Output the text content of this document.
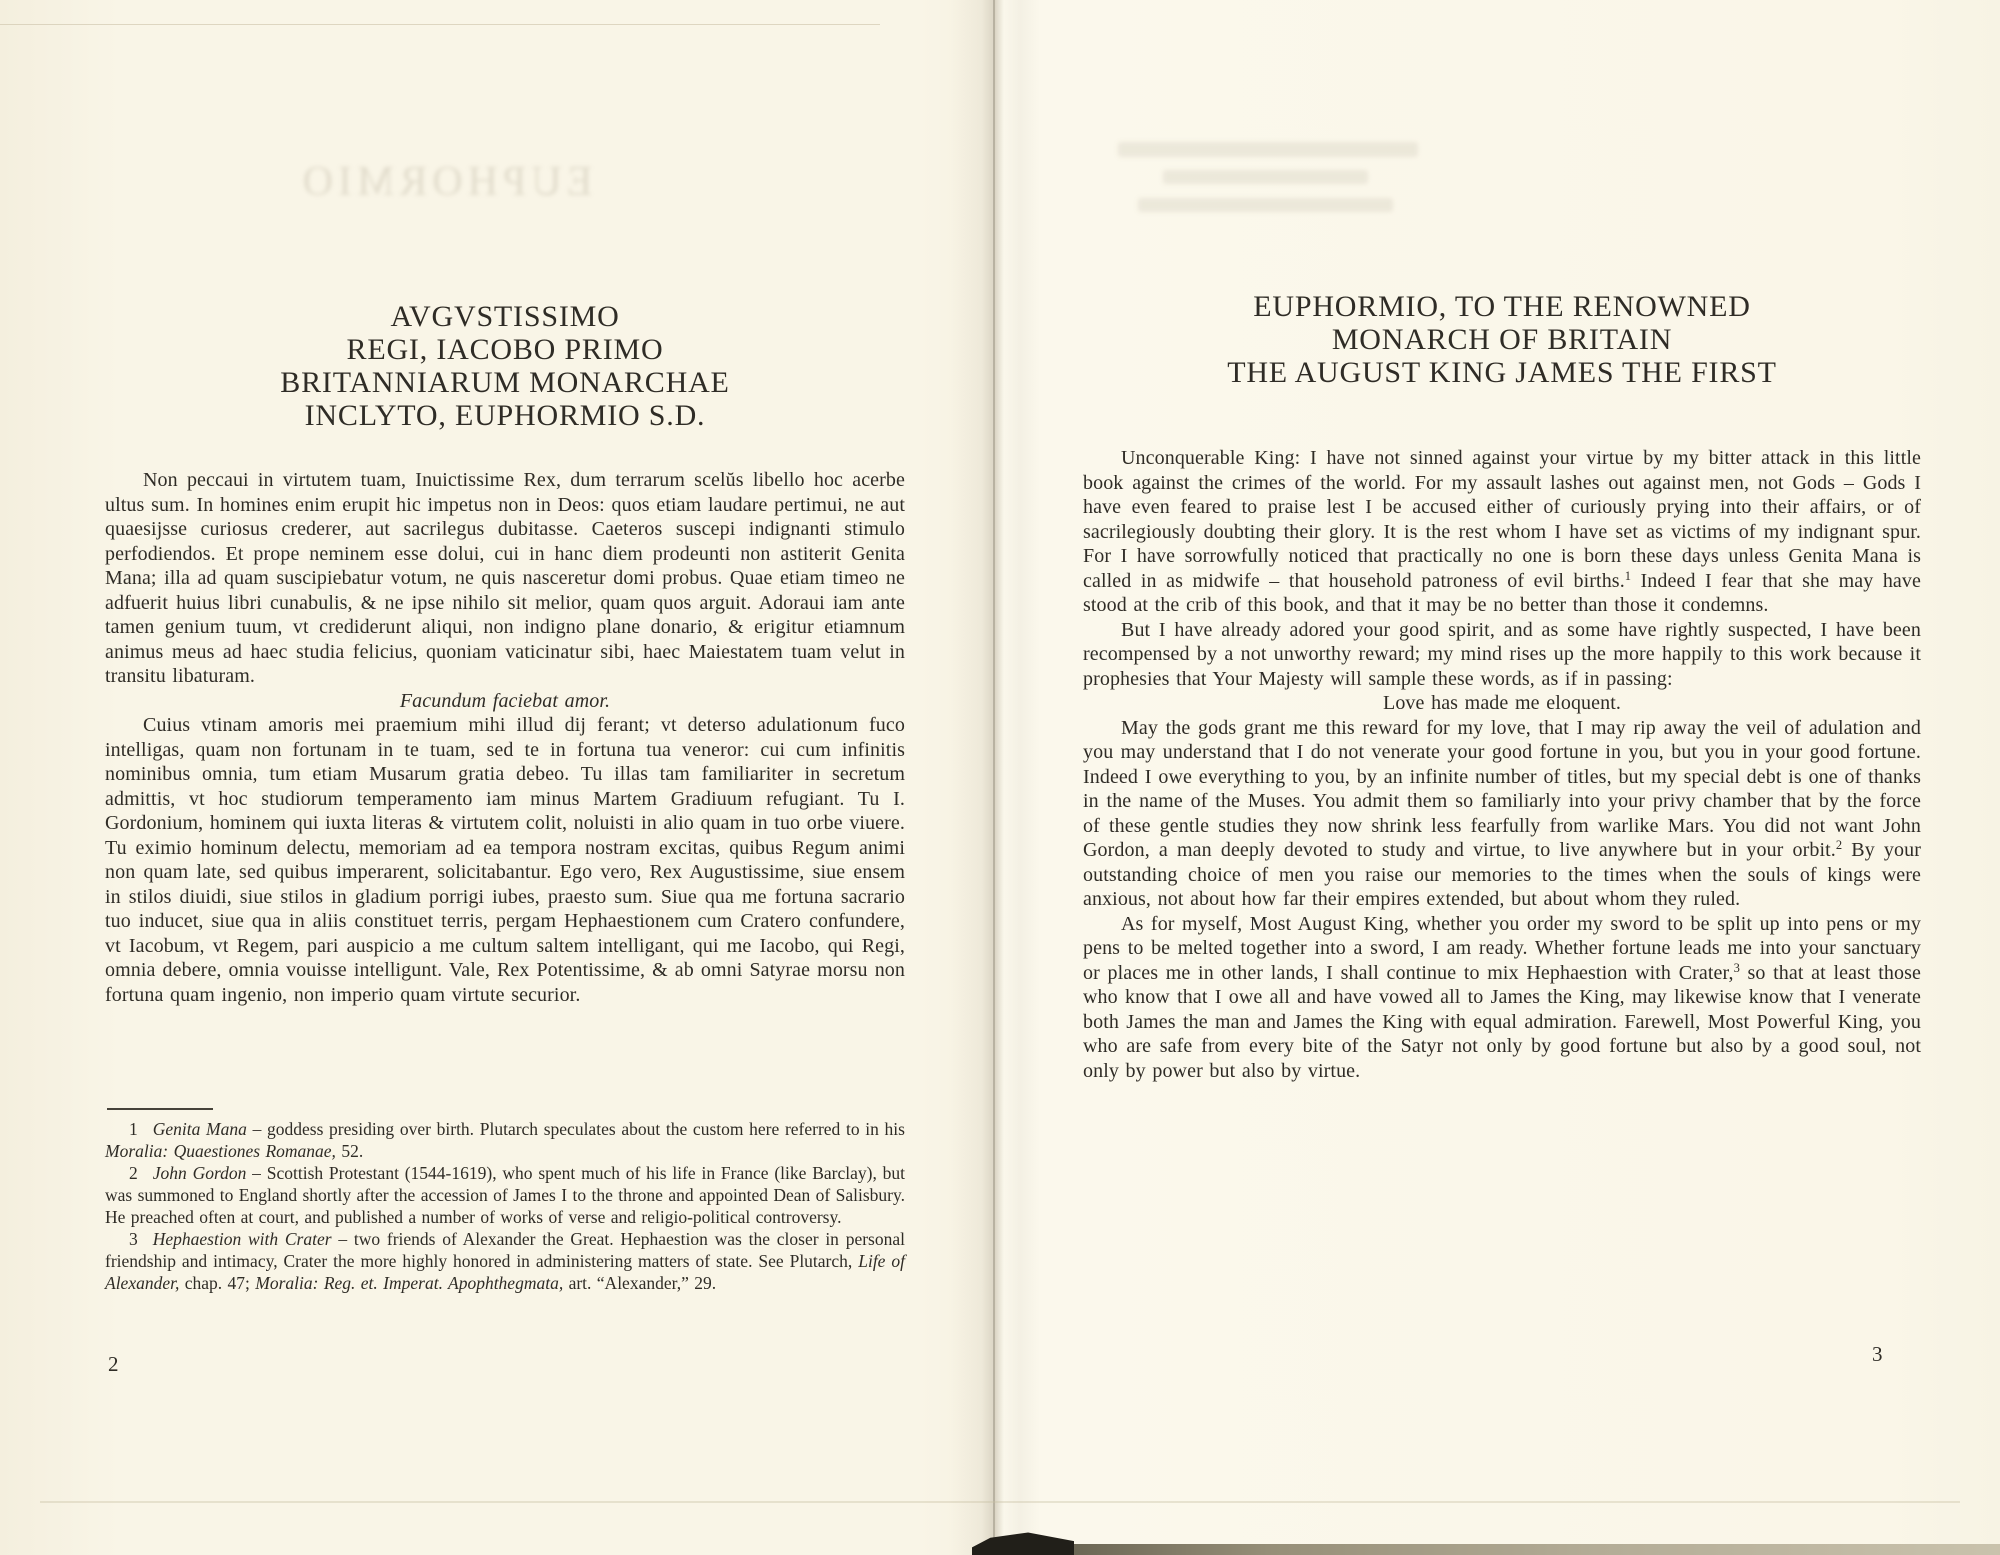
EUPHORMIO
AVGVSTISSIMO
REGI, IACOBO PRIMO
BRITANNIARUM MONARCHAE
INCLYTO, EUPHORMIO S.D.

Non peccaui in virtutem tuam, Inuictissime Rex, dum terrarum scelŭs libello hoc acerbe ultus sum. In homines enim erupit hic impetus non in Deos: quos etiam laudare pertimui, ne aut quaesijsse curiosus crederer, aut sacrilegus dubitasse. Caeteros suscepi indignanti stimulo perfodiendos. Et prope neminem esse dolui, cui in hanc diem prodeunti non astiterit Genita Mana; illa ad quam suscipiebatur votum, ne quis nasceretur domi probus. Quae etiam timeo ne adfuerit huius libri cunabulis, & ne ipse nihilo sit melior, quam quos arguit. Adoraui iam ante tamen genium tuum, vt crediderunt aliqui, non indigno plane donario, & erigitur etiamnum animus meus ad haec studia felicius, quoniam vaticinatur sibi, haec Maiestatem tuam velut in transitu libaturam.

Facundum faciebat amor.

Cuius vtinam amoris mei praemium mihi illud dij ferant; vt deterso adulationum fuco intelligas, quam non fortunam in te tuam, sed te in fortuna tua veneror: cui cum infinitis nominibus omnia, tum etiam Musarum gratia debeo. Tu illas tam familiariter in secretum admittis, vt hoc studiorum temperamento iam minus Martem Gradiuum refugiant. Tu I. Gordonium, hominem qui iuxta literas & virtutem colit, noluisti in alio quam in tuo orbe viuere. Tu eximio hominum delectu, memoriam ad ea tempora nostram excitas, quibus Regum animi non quam late, sed quibus imperarent, solicitabantur. Ego vero, Rex Augustissime, siue ensem in stilos diuidi, siue stilos in gladium porrigi iubes, praesto sum. Siue qua me fortuna sacrario tuo inducet, siue qua in aliis constituet terris, pergam Hephaestionem cum Cratero confundere, vt Iacobum, vt Regem, pari auspicio a me cultum saltem intelligant, qui me Iacobo, qui Regi, omnia debere, omnia vouisse intelligunt. Vale, Rex Potentissime, & ab omni Satyrae morsu non fortuna quam ingenio, non imperio quam virtute securior.

1 Genita Mana – goddess presiding over birth. Plutarch speculates about the custom here referred to in his Moralia: Quaestiones Romanae, 52.

2 John Gordon – Scottish Protestant (1544-1619), who spent much of his life in France (like Barclay), but was summoned to England shortly after the accession of James I to the throne and appointed Dean of Salisbury. He preached often at court, and published a number of works of verse and religio-political controversy.

3 Hephaestion with Crater – two friends of Alexander the Great. Hephaestion was the closer in personal friendship and intimacy, Crater the more highly honored in administering matters of state. See Plutarch, Life of Alexander, chap. 47; Moralia: Reg. et. Imperat. Apophthegmata, art. “Alexander,” 29.

2
EUPHORMIO, TO THE RENOWNED
MONARCH OF BRITAIN
THE AUGUST KING JAMES THE FIRST

Unconquerable King: I have not sinned against your virtue by my bitter attack in this little book against the crimes of the world. For my assault lashes out against men, not Gods – Gods I have even feared to praise lest I be accused either of curiously prying into their affairs, or of sacrilegiously doubting their glory. It is the rest whom I have set as victims of my indignant spur. For I have sorrowfully noticed that practically no one is born these days unless Genita Mana is called in as midwife – that household patroness of evil births.$^1$ Indeed I fear that she may have stood at the crib of this book, and that it may be no better than those it condemns.

But I have already adored your good spirit, and as some have rightly suspected, I have been recompensed by a not unworthy reward; my mind rises up the more happily to this work because it prophesies that Your Majesty will sample these words, as if in passing:

Love has made me eloquent.

May the gods grant me this reward for my love, that I may rip away the veil of adulation and you may understand that I do not venerate your good fortune in you, but you in your good fortune. Indeed I owe everything to you, by an infinite number of titles, but my special debt is one of thanks in the name of the Muses. You admit them so familiarly into your privy chamber that by the force of these gentle studies they now shrink less fearfully from warlike Mars. You did not want John Gordon, a man deeply devoted to study and virtue, to live anywhere but in your orbit.$^2$ By your outstanding choice of men you raise our memories to the times when the souls of kings were anxious, not about how far their empires extended, but about whom they ruled.

As for myself, Most August King, whether you order my sword to be split up into pens or my pens to be melted together into a sword, I am ready. Whether fortune leads me into your sanctuary or places me in other lands, I shall continue to mix Hephaestion with Crater,$^3$ so that at least those who know that I owe all and have vowed all to James the King, may likewise know that I venerate both James the man and James the King with equal admiration. Farewell, Most Powerful King, you who are safe from every bite of the Satyr not only by good fortune but also by a good soul, not only by power but also by virtue.

3
